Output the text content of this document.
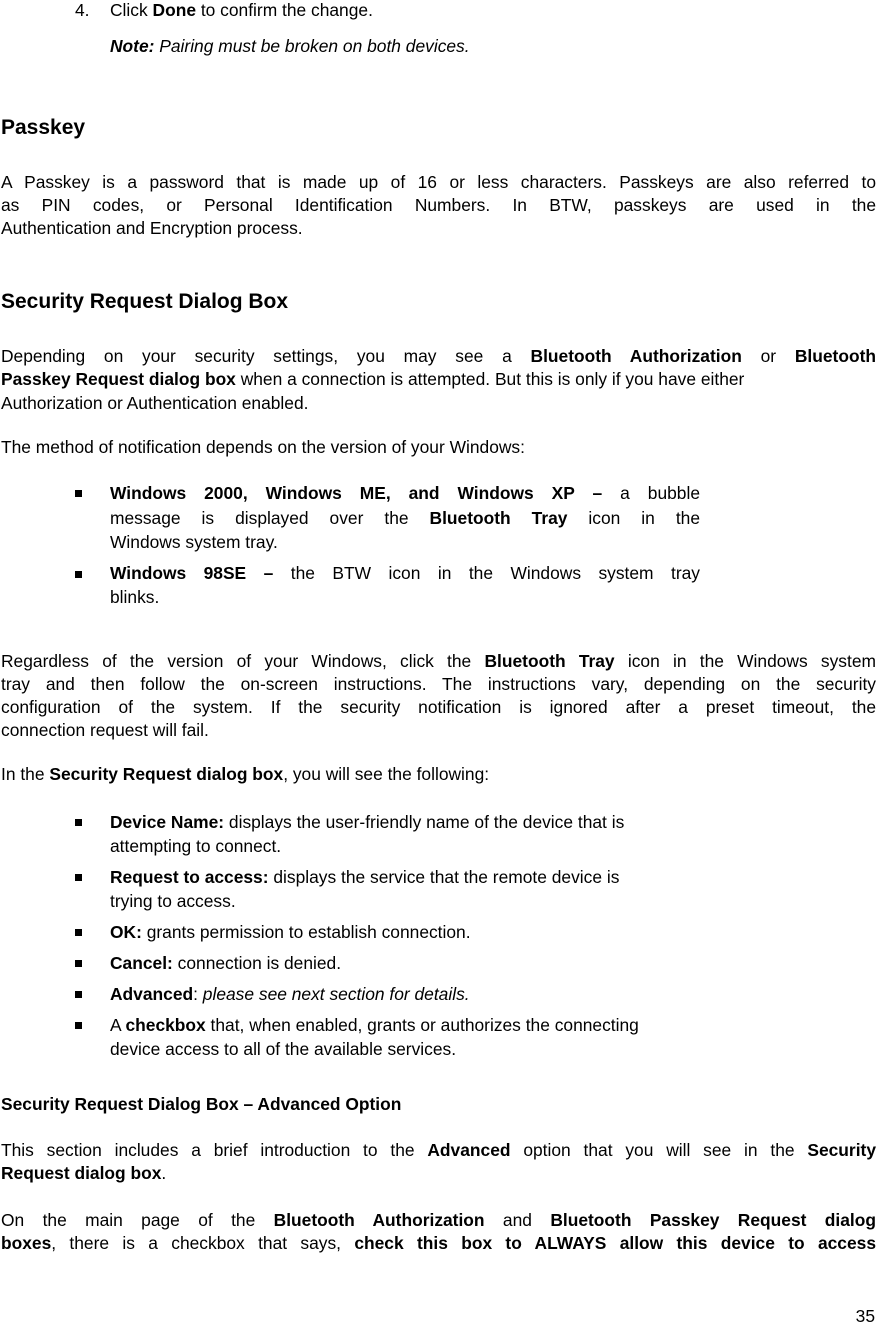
4. Click Done to confirm the change.
Note: Pairing must be broken on both devices.
Passkey
A Passkey is a password that is made up of 16 or less characters. Passkeys are also referred to
as PIN codes, or Personal Identification Numbers. In BTW, passkeys are used in the
Authentication and Encryption process.
Security Request Dialog Box
Depending on your security settings, you may see a Bluetooth Authorization or Bluetooth
Passkey Request dialog box when a connection is attempted. But this is only if you have either
Authorization or Authentication enabled.
The method of notification depends on the version of your Windows:
Windows 2000, Windows ME, and Windows XP – a bubble
message is displayed over the Bluetooth Tray icon in the
Windows system tray.
Windows 98SE – the BTW icon in the Windows system tray
blinks.
Regardless of the version of your Windows, click the Bluetooth Tray icon in the Windows system
tray and then follow the on-screen instructions. The instructions vary, depending on the security
configuration of the system. If the security notification is ignored after a preset timeout, the
connection request will fail.
In the Security Request dialog box, you will see the following:
Device Name: displays the user-friendly name of the device that is
attempting to connect.
Request to access: displays the service that the remote device is
trying to access.
OK: grants permission to establish connection.
Cancel: connection is denied.
Advanced: please see next section for details.
A checkbox that, when enabled, grants or authorizes the connecting
device access to all of the available services.
Security Request Dialog Box – Advanced Option
This section includes a brief introduction to the Advanced option that you will see in the Security
Request dialog box.
On the main page of the Bluetooth Authorization and Bluetooth Passkey Request dialog
boxes, there is a checkbox that says, check this box to ALWAYS allow this device to access
35
